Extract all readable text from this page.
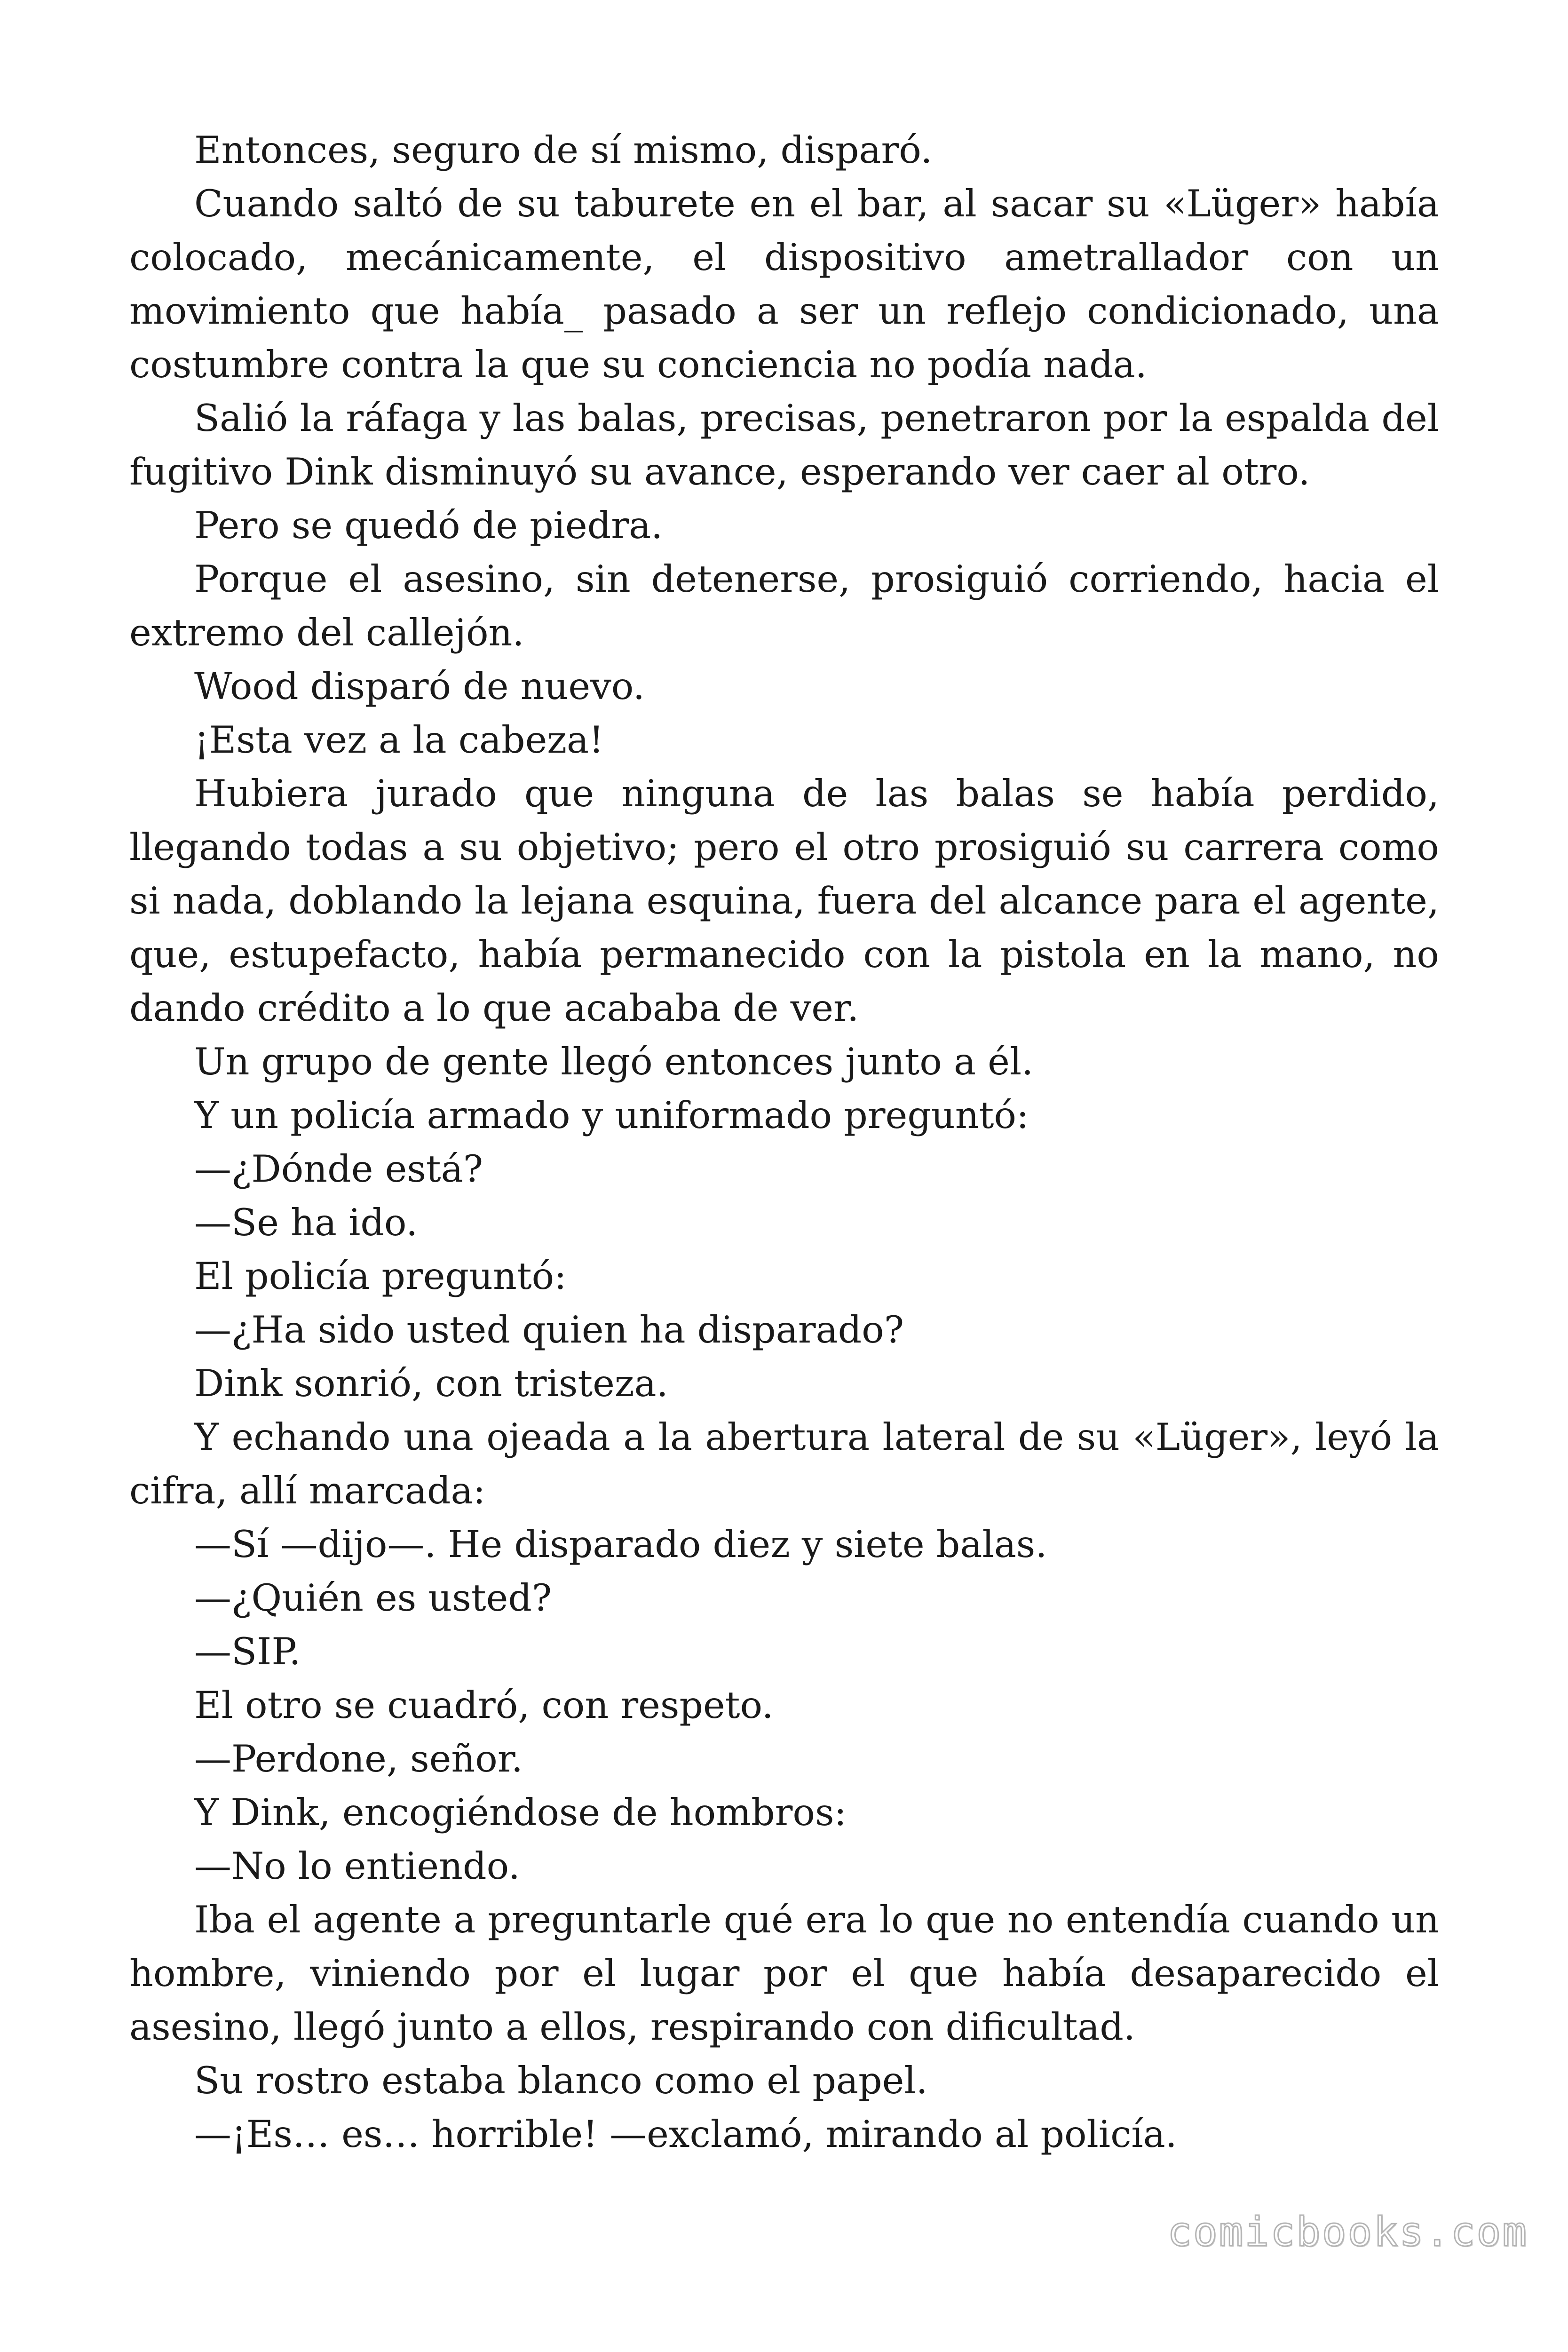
Entonces, seguro de sí mismo, disparó.

Cuando saltó de su taburete en el bar, al sacar su «Lüger» había colocado, mecánicamente, el dispositivo ametrallador con un movimiento que había_ pasado a ser un reflejo condicionado, una costumbre contra la que su conciencia no podía nada.

Salió la ráfaga y las balas, precisas, penetraron por la espalda del fugitivo Dink disminuyó su avance, esperando ver caer al otro.

Pero se quedó de piedra.

Porque el asesino, sin detenerse, prosiguió corriendo, hacia el extremo del callejón.

Wood disparó de nuevo.

¡Esta vez a la cabeza!

Hubiera jurado que ninguna de las balas se había perdido, llegando todas a su objetivo; pero el otro prosiguió su carrera como si nada, doblando la lejana esquina, fuera del alcance para el agente, que, estupefacto, había permanecido con la pistola en la mano, no dando crédito a lo que acababa de ver.

Un grupo de gente llegó entonces junto a él.

Y un policía armado y uniformado preguntó:

—¿Dónde está?

—Se ha ido.

El policía preguntó:

—¿Ha sido usted quien ha disparado?

Dink sonrió, con tristeza.

Y echando una ojeada a la abertura lateral de su «Lüger», leyó la cifra, allí marcada:

—Sí —dijo—. He disparado diez y siete balas.

—¿Quién es usted?

—SIP.

El otro se cuadró, con respeto.

—Perdone, señor.

Y Dink, encogiéndose de hombros:

—No lo entiendo.

Iba el agente a preguntarle qué era lo que no entendía cuando un hombre, viniendo por el lugar por el que había desaparecido el asesino, llegó junto a ellos, respirando con dificultad.

Su rostro estaba blanco como el papel.

—¡Es… es… horrible! —exclamó, mirando al policía.

comicbooks.com
